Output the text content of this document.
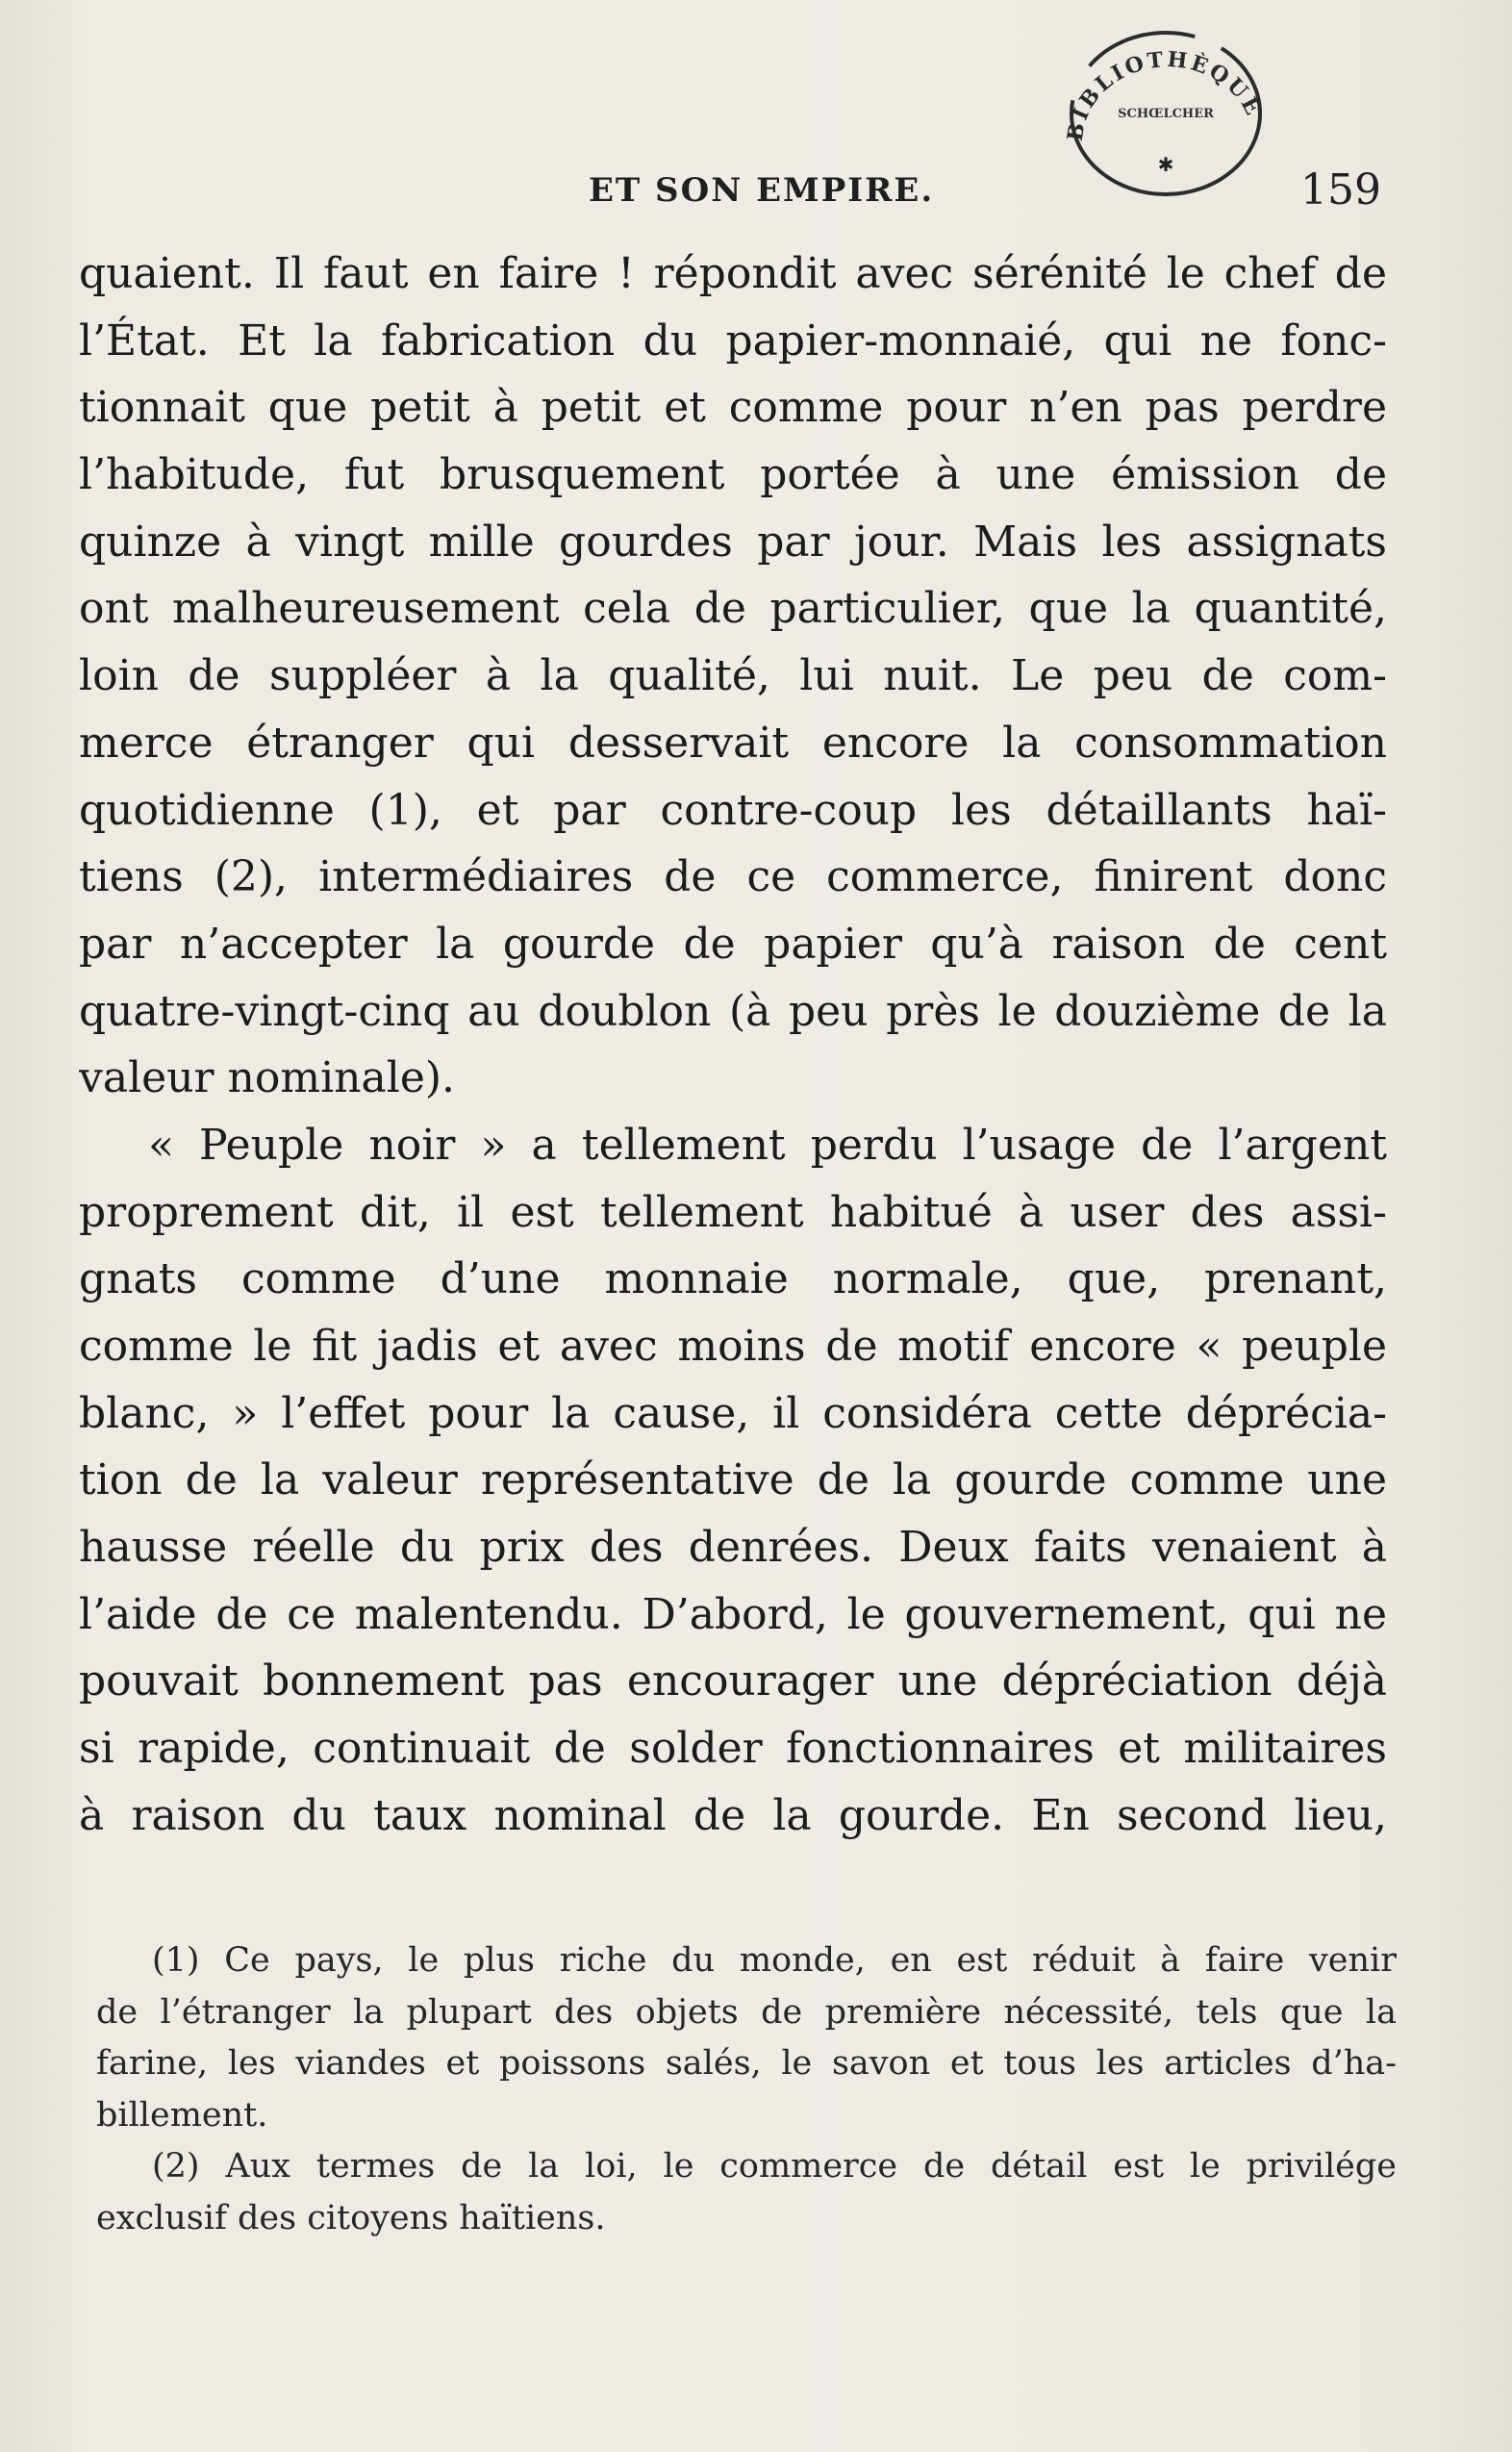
BIBLIOTHÈQUE
SCHŒLCHER
✱
ET SON EMPIRE.	159
quaient. Il faut en faire ! répondit avec sérénité le chef de
l’État. Et la fabrication du papier-monnaié, qui ne fonc-
tionnait que petit à petit et comme pour n’en pas perdre
l’habitude, fut brusquement portée à une émission de
quinze à vingt mille gourdes par jour. Mais les assignats
ont malheureusement cela de particulier, que la quantité,
loin de suppléer à la qualité, lui nuit. Le peu de com-
merce étranger qui desservait encore la consommation
quotidienne (1), et par contre-coup les détaillants haï-
tiens (2), intermédiaires de ce commerce, finirent donc
par n’accepter la gourde de papier qu’à raison de cent
quatre-vingt-cinq au doublon (à peu près le douzième de la
valeur nominale).
« Peuple noir » a tellement perdu l’usage de l’argent
proprement dit, il est tellement habitué à user des assi-
gnats comme d’une monnaie normale, que, prenant,
comme le fit jadis et avec moins de motif encore « peuple
blanc, » l’effet pour la cause, il considéra cette déprécia-
tion de la valeur représentative de la gourde comme une
hausse réelle du prix des denrées. Deux faits venaient à
l’aide de ce malentendu. D’abord, le gouvernement, qui ne
pouvait bonnement pas encourager une dépréciation déjà
si rapide, continuait de solder fonctionnaires et militaires
à raison du taux nominal de la gourde. En second lieu,
(1) Ce pays, le plus riche du monde, en est réduit à faire venir
de l’étranger la plupart des objets de première nécessité, tels que la
farine, les viandes et poissons salés, le savon et tous les articles d’ha-
billement.
(2) Aux termes de la loi, le commerce de détail est le privilége
exclusif des citoyens haïtiens.
